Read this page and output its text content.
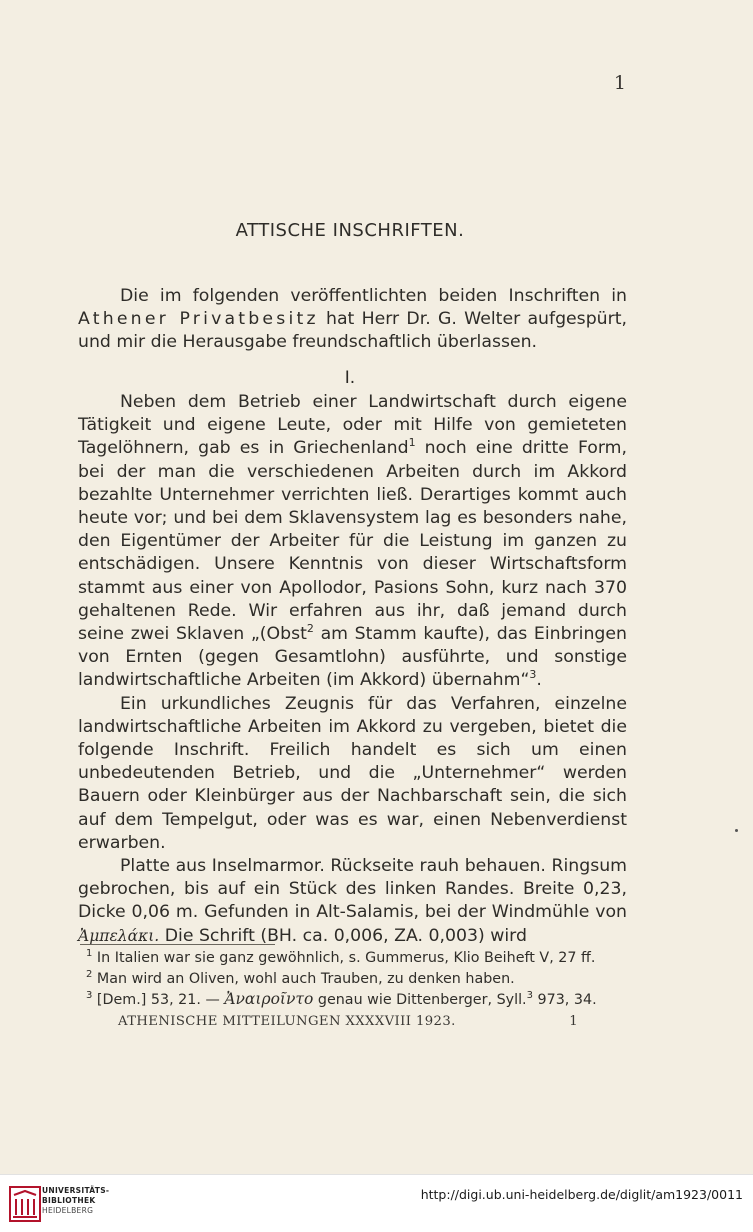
1
ATTISCHE INSCHRIFTEN.

Die im folgenden veröffentlichten beiden Inschriften in Athener Privatbesitz hat Herr Dr. G. Welter aufgespürt, und mir die Herausgabe freundschaftlich überlassen.

I.

Neben dem Betrieb einer Landwirtschaft durch eigene Tätigkeit und eigene Leute, oder mit Hilfe von gemieteten Tagelöhnern, gab es in Griechenland$^1$ noch eine dritte Form, bei der man die verschiedenen Arbeiten durch im Akkord bezahlte Unternehmer verrichten ließ. Derartiges kommt auch heute vor; und bei dem Sklavensystem lag es besonders nahe, den Eigentümer der Arbeiter für die Leistung im ganzen zu entschädigen. Unsere Kenntnis von dieser Wirtschaftsform stammt aus einer von Apollodor, Pasions Sohn, kurz nach 370 gehaltenen Rede. Wir erfahren aus ihr, daß jemand durch seine zwei Sklaven „(Obst$^2$ am Stamm kaufte), das Einbringen von Ernten (gegen Gesamtlohn) ausführte, und sonstige landwirtschaftliche Arbeiten (im Akkord) übernahm“$^3$.

Ein urkundliches Zeugnis für das Verfahren, einzelne landwirtschaftliche Arbeiten im Akkord zu vergeben, bietet die folgende Inschrift. Freilich handelt es sich um einen unbedeutenden Betrieb, und die „Unternehmer“ werden Bauern oder Kleinbürger aus der Nachbarschaft sein, die sich auf dem Tempelgut, oder was es war, einen Nebenverdienst erwarben.

Platte aus Inselmarmor. Rückseite rauh behauen. Ringsum gebrochen, bis auf ein Stück des linken Randes. Breite 0,23, Dicke 0,06 m. Gefunden in Alt-Salamis, bei der Windmühle von Ἀμπελάκι. Die Schrift (BH. ca. 0,006, ZA. 0,003) wird

$^1$ In Italien war sie ganz gewöhnlich, s. Gummerus, Klio Beiheft V, 27 ff.
$^2$ Man wird an Oliven, wohl auch Trauben, zu denken haben.
$^3$ [Dem.] 53, 21. — Ἀναιροῖντο genau wie Dittenberger, Syll.$^3$ 973, 34.
ATHENISCHE MITTEILUNGEN XXXXVIII 1923.	1
UNIVERSITÄTS-
BIBLIOTHEK
HEIDELBERG
http://digi.ub.uni-heidelberg.de/diglit/am1923/0011
